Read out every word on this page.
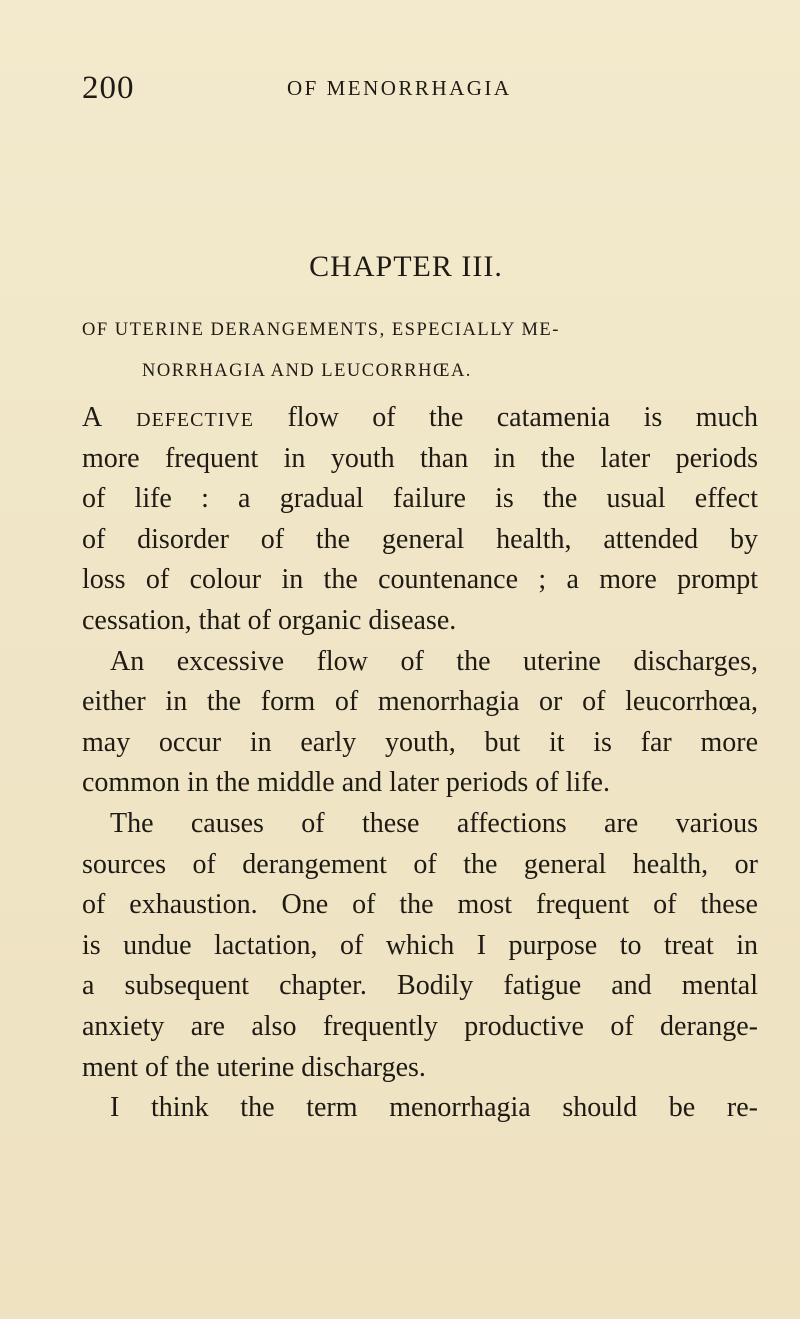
200	OF MENORRHAGIA
CHAPTER III.
OF UTERINE DERANGEMENTS, ESPECIALLY ME-
NORRHAGIA AND LEUCORRHŒA.
A defective flow of the catamenia is much
more frequent in youth than in the later periods
of life : a gradual failure is the usual effect
of disorder of the general health, attended by
loss of colour in the countenance ; a more prompt
cessation, that of organic disease.
An excessive flow of the uterine discharges,
either in the form of menorrhagia or of leucorrhœa,
may occur in early youth, but it is far more
common in the middle and later periods of life.
The causes of these affections are various
sources of derangement of the general health, or
of exhaustion. One of the most frequent of these
is undue lactation, of which I purpose to treat in
a subsequent chapter. Bodily fatigue and mental
anxiety are also frequently productive of derange-
ment of the uterine discharges.
I think the term menorrhagia should be re-
